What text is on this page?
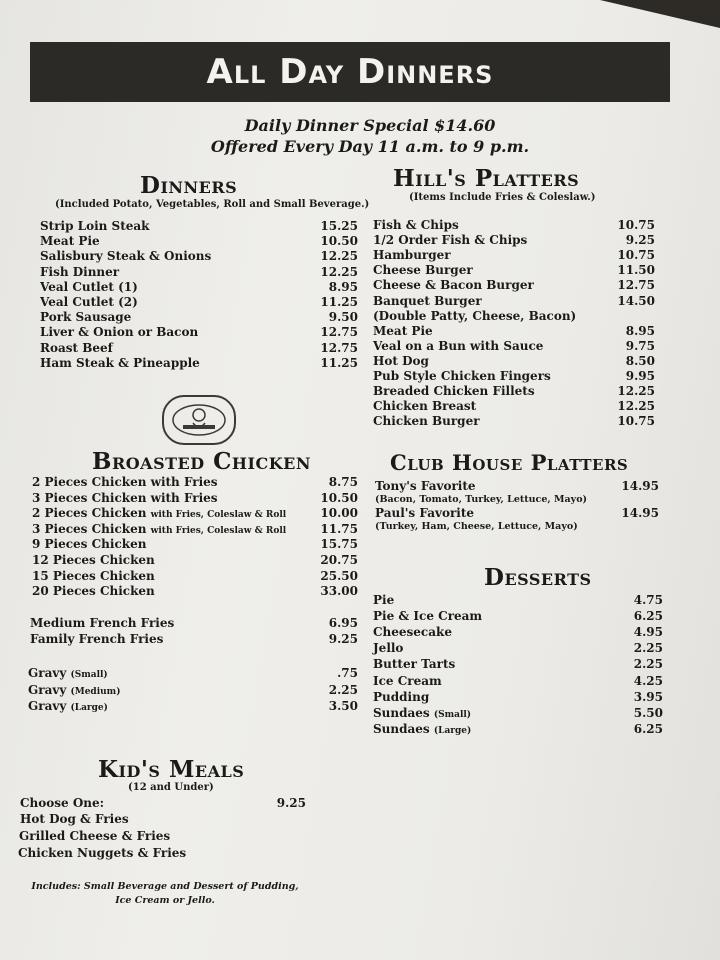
All Day Dinners
Daily Dinner Special $14.60
Offered Every Day 11 a.m. to 9 p.m.
Dinners
(Included Potato, Vegetables, Roll and Small Beverage.)
Strip Loin Steak	15.25
Meat Pie	10.50
Salisbury Steak & Onions	12.25
Fish Dinner	12.25
Veal Cutlet (1)	8.95
Veal Cutlet (2)	11.25
Pork Sausage	9.50
Liver & Onion or Bacon	12.75
Roast Beef	12.75
Ham Steak & Pineapple	11.25
Broasted Chicken
2 Pieces Chicken with Fries	8.75
3 Pieces Chicken with Fries	10.50
2 Pieces Chicken with Fries, Coleslaw & Roll	10.00
3 Pieces Chicken with Fries, Coleslaw & Roll	11.75
9 Pieces Chicken	15.75
12 Pieces Chicken	20.75
15 Pieces Chicken	25.50
20 Pieces Chicken	33.00
Medium French Fries	6.95
Family French Fries	9.25
Gravy (Small)	.75
Gravy (Medium)	2.25
Gravy (Large)	3.50
Kid's Meals
(12 and Under)
Choose One:	9.25
Hot Dog & Fries
Grilled Cheese & Fries
Chicken Nuggets & Fries
Includes: Small Beverage and Dessert of Pudding,
Ice Cream or Jello.
Hill's Platters
(Items Include Fries & Coleslaw.)
Fish & Chips	10.75
1/2 Order Fish & Chips	9.25
Hamburger	10.75
Cheese Burger	11.50
Cheese & Bacon Burger	12.75
Banquet Burger	14.50
(Double Patty, Cheese, Bacon)
Meat Pie	8.95
Veal on a Bun with Sauce	9.75
Hot Dog	8.50
Pub Style Chicken Fingers	9.95
Breaded Chicken Fillets	12.25
Chicken Breast	12.25
Chicken Burger	10.75
Club House Platters
Tony's Favorite	14.95
(Bacon, Tomato, Turkey, Lettuce, Mayo)
Paul's Favorite	14.95
(Turkey, Ham, Cheese, Lettuce, Mayo)
Desserts
Pie	4.75
Pie & Ice Cream	6.25
Cheesecake	4.95
Jello	2.25
Butter Tarts	2.25
Ice Cream	4.25
Pudding	3.95
Sundaes (Small)	5.50
Sundaes (Large)	6.25
